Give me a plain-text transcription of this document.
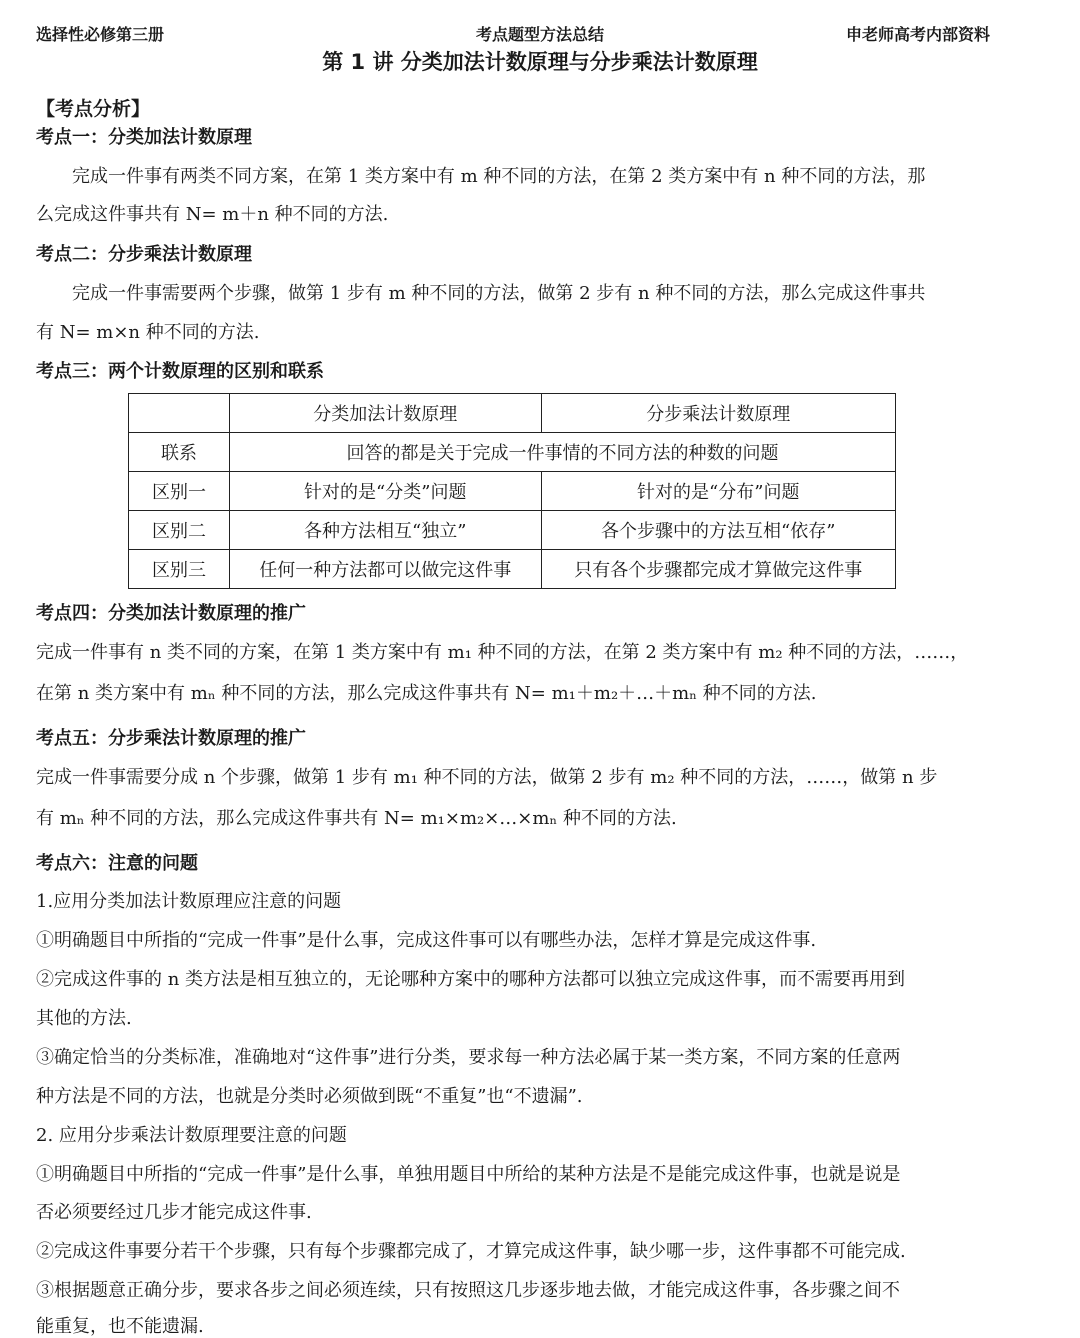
选择性必修第三册	考点题型方法总结	申老师高考内部资料
第 1 讲 分类加法计数原理与分步乘法计数原理
【考点分析】
考点一：分类加法计数原理
完成一件事有两类不同方案，在第 1 类方案中有 m 种不同的方法，在第 2 类方案中有 n 种不同的方法，那
么完成这件事共有 N= m＋n 种不同的方法.
考点二：分步乘法计数原理
完成一件事需要两个步骤，做第 1 步有 m 种不同的方法，做第 2 步有 n 种不同的方法，那么完成这件事共
有 N= m×n 种不同的方法.
考点三：两个计数原理的区别和联系
	分类加法计数原理	分步乘法计数原理
联系	回答的都是关于完成一件事情的不同方法的种数的问题	
区别一	针对的是“分类”问题	针对的是“分布”问题
区别二	各种方法相互“独立”	各个步骤中的方法互相“依存”
区别三	任何一种方法都可以做完这件事	只有各个步骤都完成才算做完这件事
考点四：分类加法计数原理的推广
完成一件事有 n 类不同的方案，在第 1 类方案中有 m₁ 种不同的方法，在第 2 类方案中有 m₂ 种不同的方法，……，
在第 n 类方案中有 mₙ 种不同的方法，那么完成这件事共有 N= m₁＋m₂＋…＋mₙ 种不同的方法.
考点五：分步乘法计数原理的推广
完成一件事需要分成 n 个步骤，做第 1 步有 m₁ 种不同的方法，做第 2 步有 m₂ 种不同的方法，……，做第 n 步
有 mₙ 种不同的方法，那么完成这件事共有 N= m₁×m₂×…×mₙ 种不同的方法.
考点六：注意的问题
1.应用分类加法计数原理应注意的问题
①明确题目中所指的“完成一件事”是什么事，完成这件事可以有哪些办法，怎样才算是完成这件事.
②完成这件事的 n 类方法是相互独立的，无论哪种方案中的哪种方法都可以独立完成这件事，而不需要再用到
其他的方法.
③确定恰当的分类标准，准确地对“这件事”进行分类，要求每一种方法必属于某一类方案，不同方案的任意两
种方法是不同的方法，也就是分类时必须做到既“不重复”也“不遗漏”.
2. 应用分步乘法计数原理要注意的问题
①明确题目中所指的“完成一件事”是什么事，单独用题目中所给的某种方法是不是能完成这件事，也就是说是
否必须要经过几步才能完成这件事.
②完成这件事要分若干个步骤，只有每个步骤都完成了，才算完成这件事，缺少哪一步，这件事都不可能完成.
③根据题意正确分步，要求各步之间必须连续，只有按照这几步逐步地去做，才能完成这件事，各步骤之间不
能重复，也不能遗漏.
